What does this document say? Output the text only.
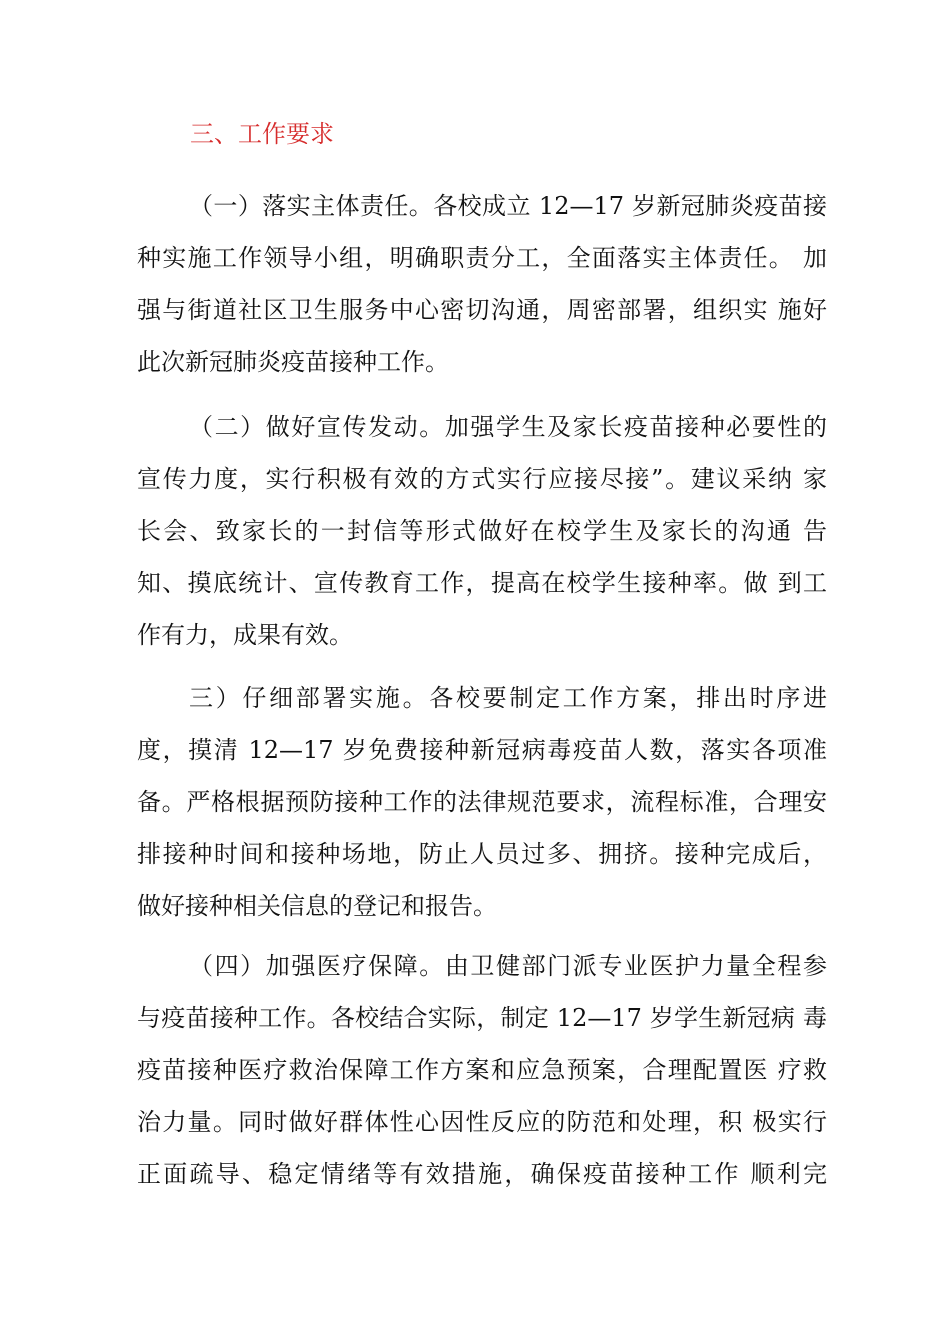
三、工作要求
（一）落实主体责任。各校成立 12—17 岁新冠肺炎疫苗接
种实施工作领导小组，明确职责分工，全面落实主体责任。 加
强与街道社区卫生服务中心密切沟通，周密部署，组织实 施好
此次新冠肺炎疫苗接种工作。
（二）做好宣传发动。加强学生及家长疫苗接种必要性的
宣传力度，实行积极有效的方式实行应接尽接”。建议采纳 家
长会、致家长的一封信等形式做好在校学生及家长的沟通 告
知、摸底统计、宣传教育工作，提高在校学生接种率。做 到工
作有力，成果有效。
三）仔细部署实施。各校要制定工作方案，排出时序进
度，摸清 12—17 岁免费接种新冠病毒疫苗人数，落实各项准
备。严格根据预防接种工作的法律规范要求，流程标准，合理安
排接种时间和接种场地，防止人员过多、拥挤。接种完成后，
做好接种相关信息的登记和报告。
（四）加强医疗保障。由卫健部门派专业医护力量全程参
与疫苗接种工作。各校结合实际，制定 12—17 岁学生新冠病 毒
疫苗接种医疗救治保障工作方案和应急预案，合理配置医 疗救
治力量。同时做好群体性心因性反应的防范和处理，积 极实行
正面疏导、稳定情绪等有效措施，确保疫苗接种工作 顺利完
